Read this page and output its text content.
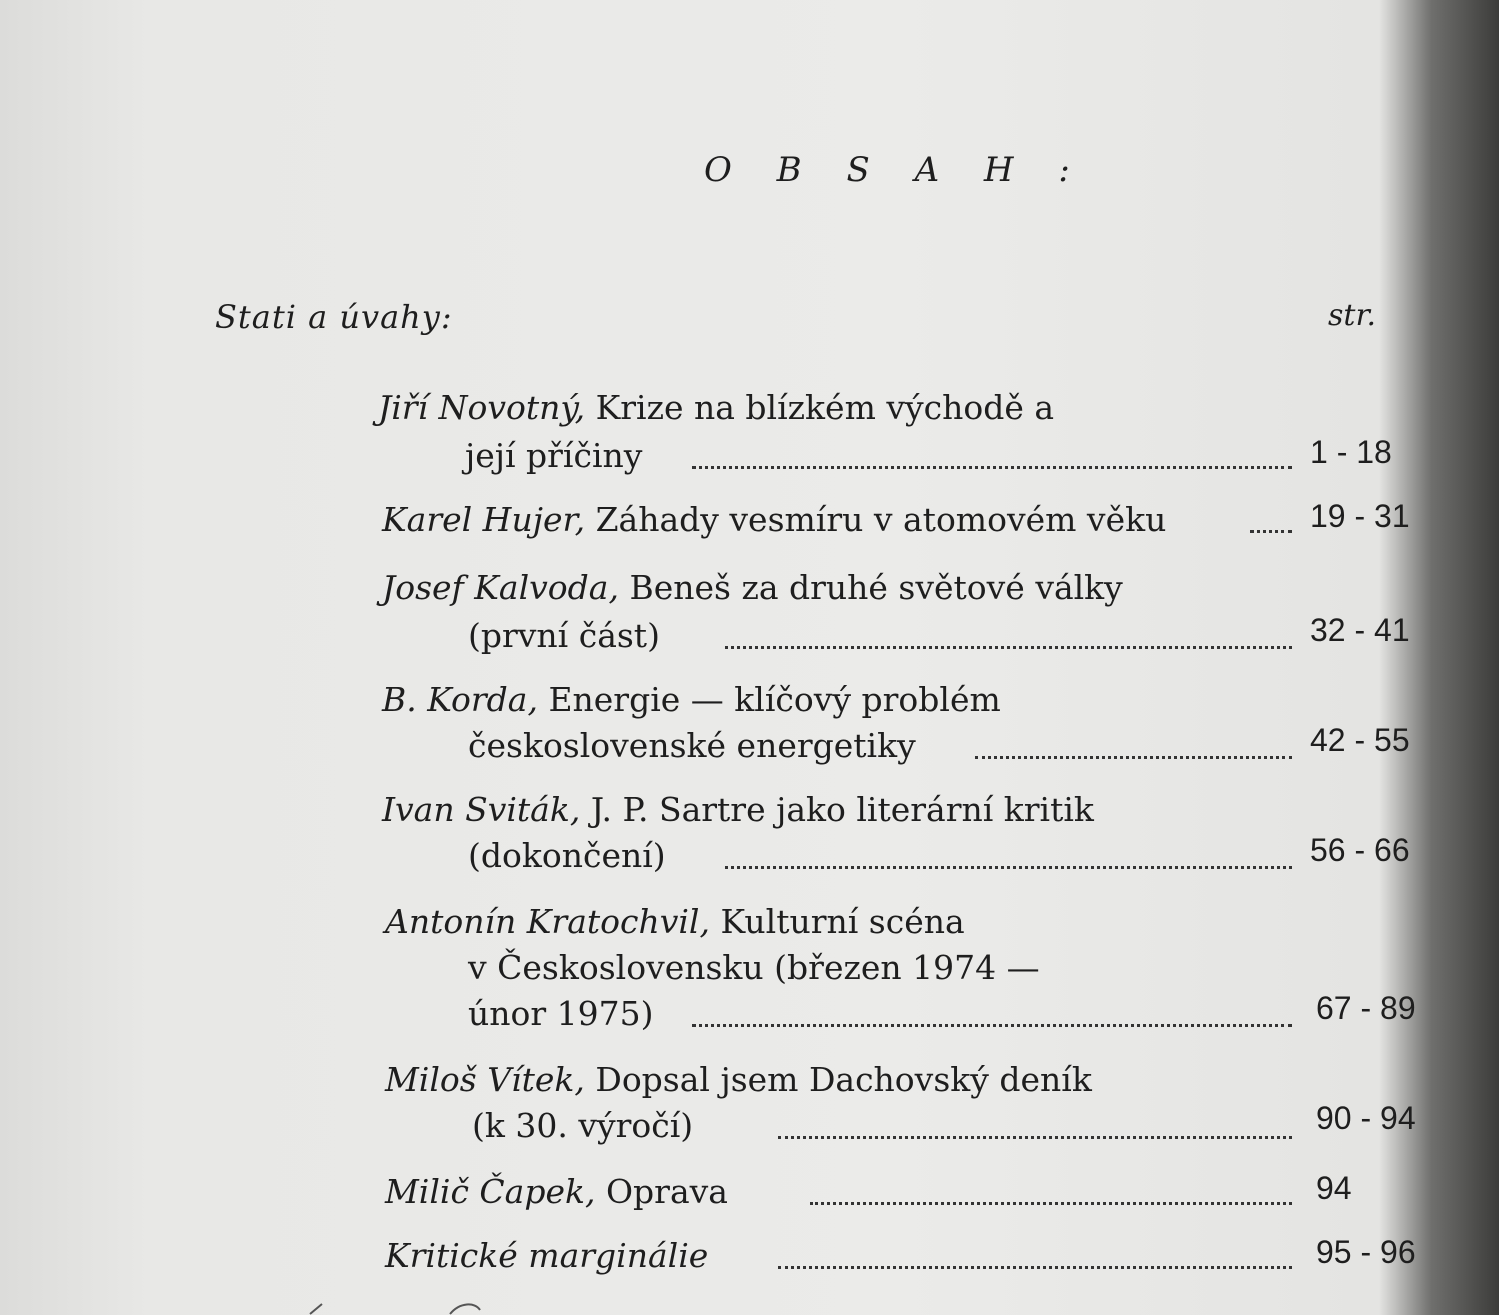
O B S A H :
Stati a úvahy:	str.
Jiří Novotný, Krize na blízkém východě a
její příčiny	1 - 18
Karel Hujer, Záhady vesmíru v atomovém věku	19 - 31
Josef Kalvoda, Beneš za druhé světové války
(první část)	32 - 41
B. Korda, Energie — klíčový problém
československé energetiky	42 - 55
Ivan Sviták, J. P. Sartre jako literární kritik
(dokončení)	56 - 66
Antonín Kratochvil, Kulturní scéna
v Československu (březen 1974 —
únor 1975)	67 - 89
Miloš Vítek, Dopsal jsem Dachovský deník
(k 30. výročí)	90 - 94
Milič Čapek, Oprava	94
Kritické marginálie	95 - 96
